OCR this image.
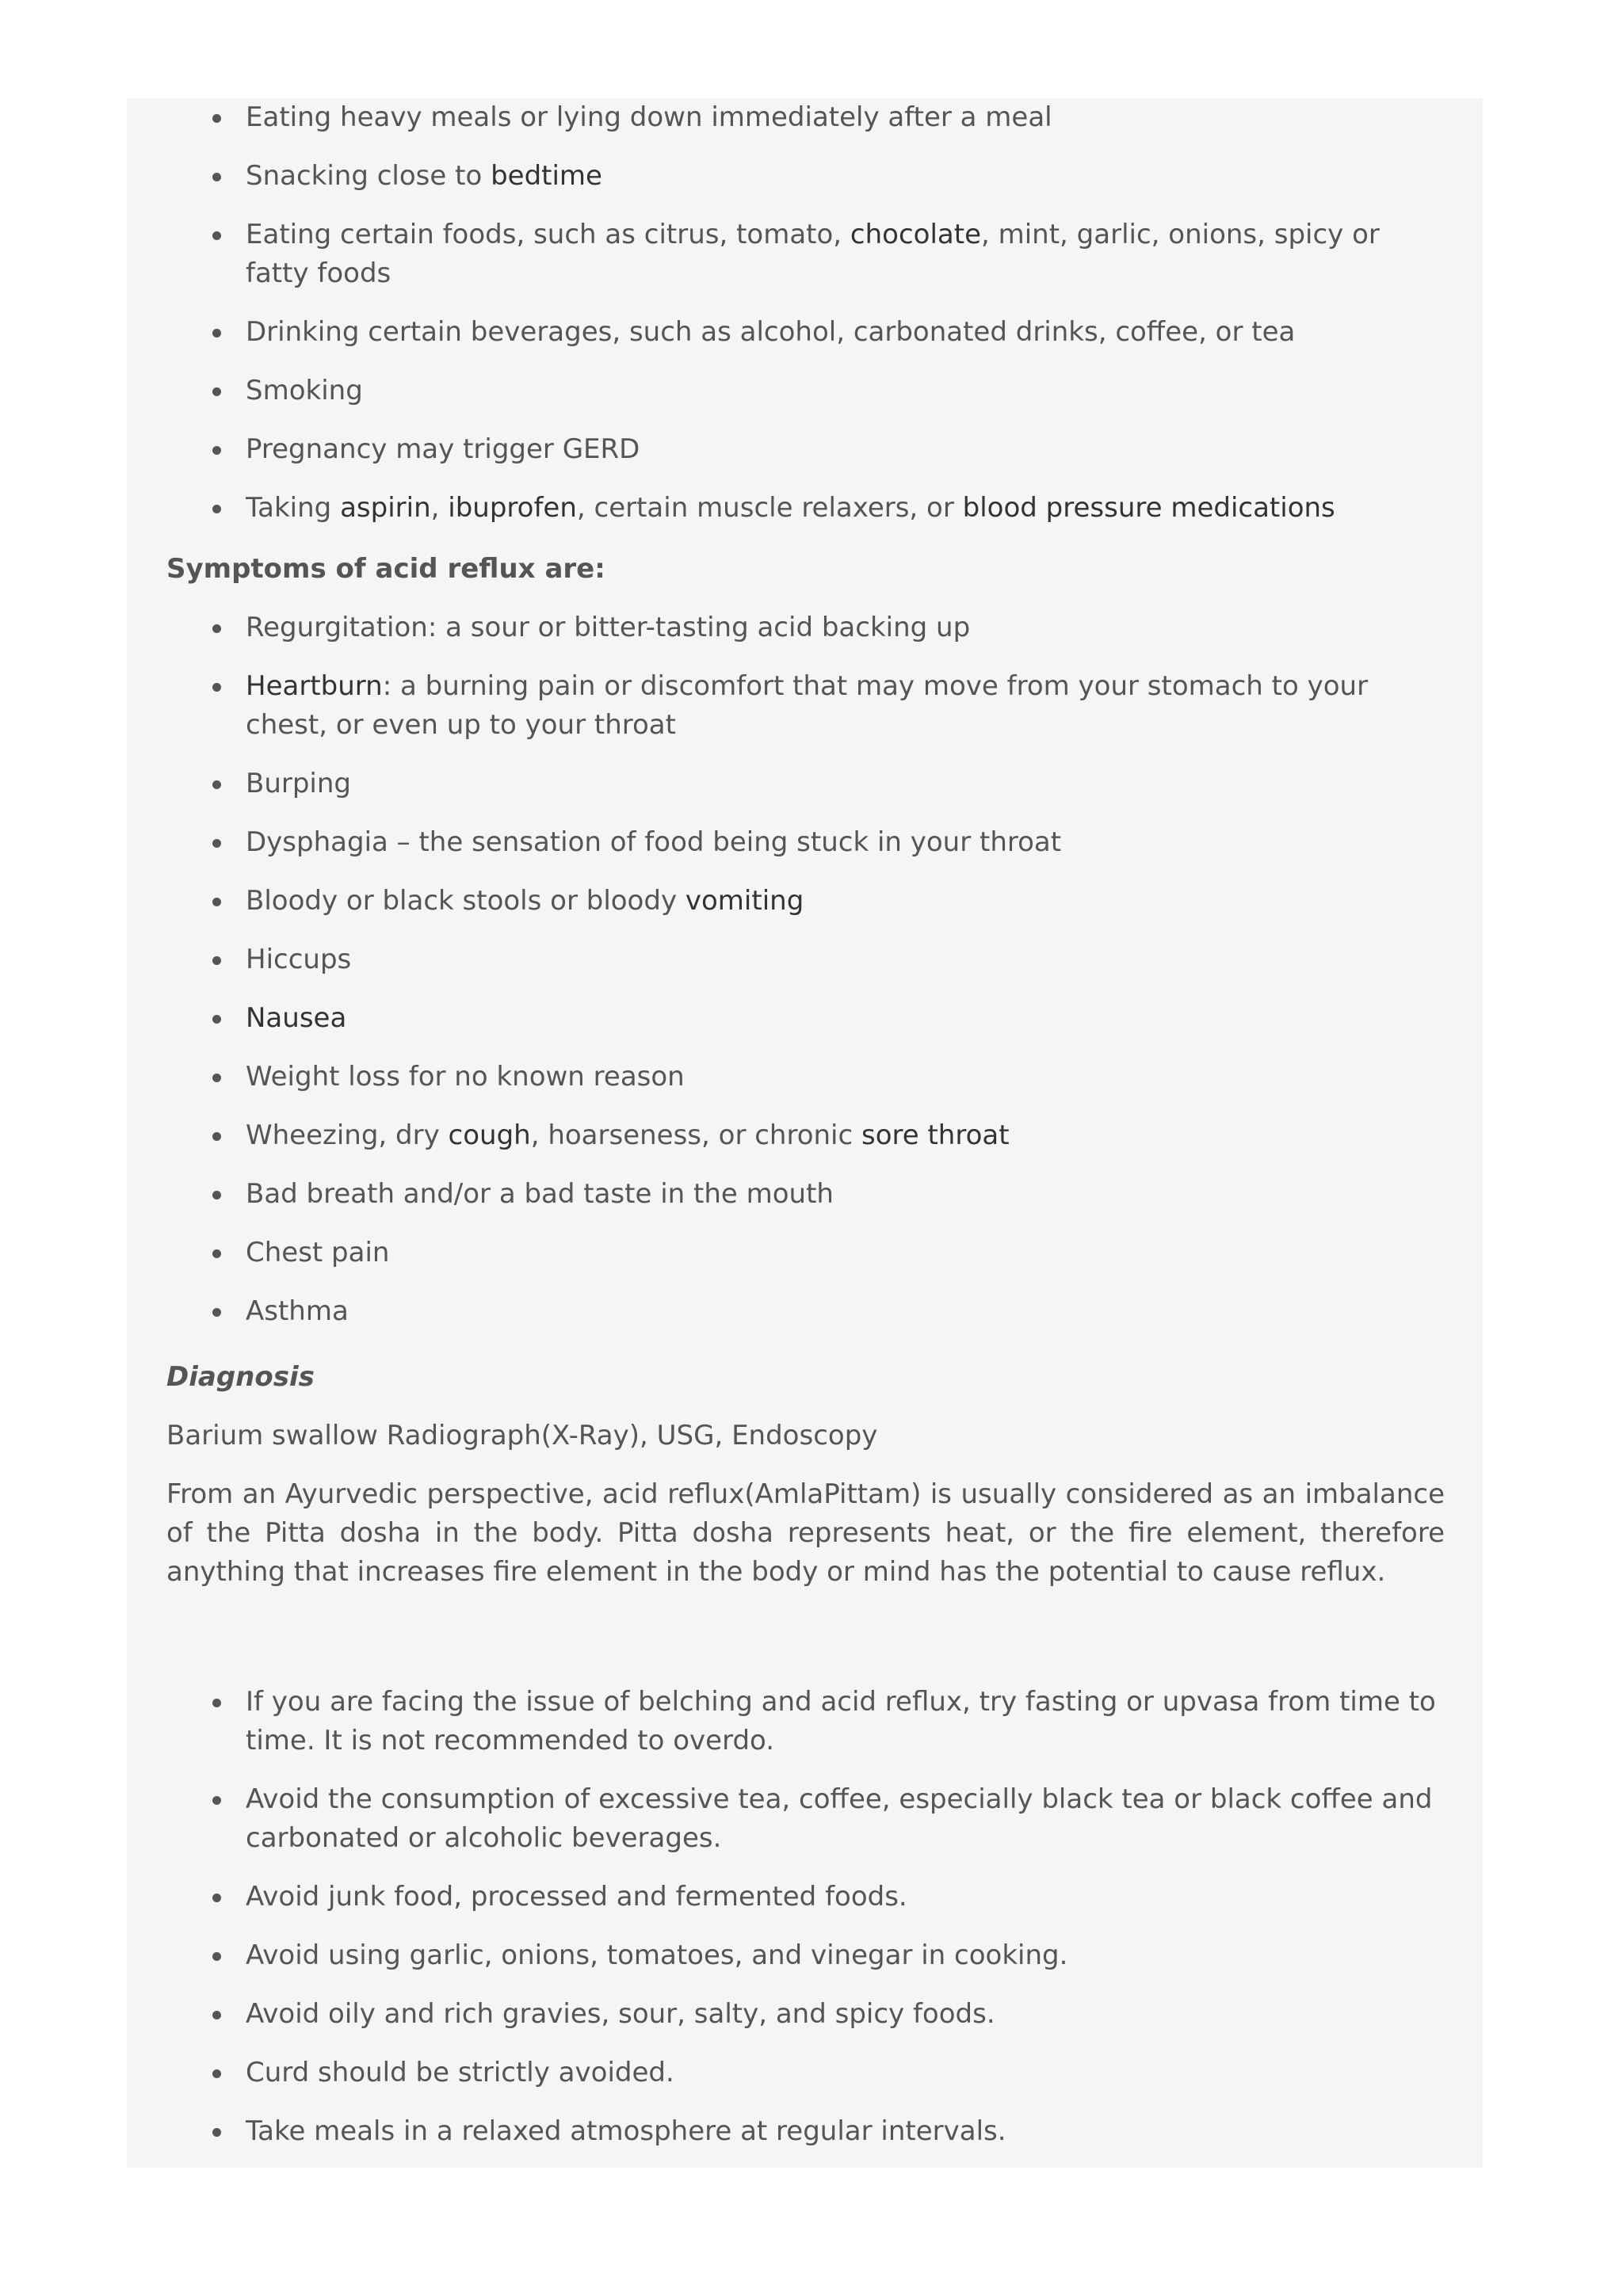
Eating heavy meals or lying down immediately after a meal
Snacking close to bedtime
Eating certain foods, such as citrus, tomato, chocolate, mint, garlic, onions, spicy or fatty foods
Drinking certain beverages, such as alcohol, carbonated drinks, coffee, or tea
Smoking
Pregnancy may trigger GERD
Taking aspirin, ibuprofen, certain muscle relaxers, or blood pressure medications
Symptoms of acid reflux are:
Regurgitation: a sour or bitter-tasting acid backing up
Heartburn: a burning pain or discomfort that may move from your stomach to your chest, or even up to your throat
Burping
Dysphagia – the sensation of food being stuck in your throat
Bloody or black stools or bloody vomiting
Hiccups
Nausea
Weight loss for no known reason
Wheezing, dry cough, hoarseness, or chronic sore throat
Bad breath and/or a bad taste in the mouth
Chest pain
Asthma
Diagnosis
Barium swallow Radiograph(X-Ray), USG, Endoscopy
From an Ayurvedic perspective, acid reflux(AmlaPittam) is usually considered as an imbalance of the Pitta dosha in the body. Pitta dosha represents heat, or the fire element, therefore anything that increases fire element in the body or mind has the potential to cause reflux.
If you are facing the issue of belching and acid reflux, try fasting or upvasa from time to time. It is not recommended to overdo.
Avoid the consumption of excessive tea, coffee, especially black tea or black coffee and carbonated or alcoholic beverages.
Avoid junk food, processed and fermented foods.
Avoid using garlic, onions, tomatoes, and vinegar in cooking.
Avoid oily and rich gravies, sour, salty, and spicy foods.
Curd should be strictly avoided.
Take meals in a relaxed atmosphere at regular intervals.
